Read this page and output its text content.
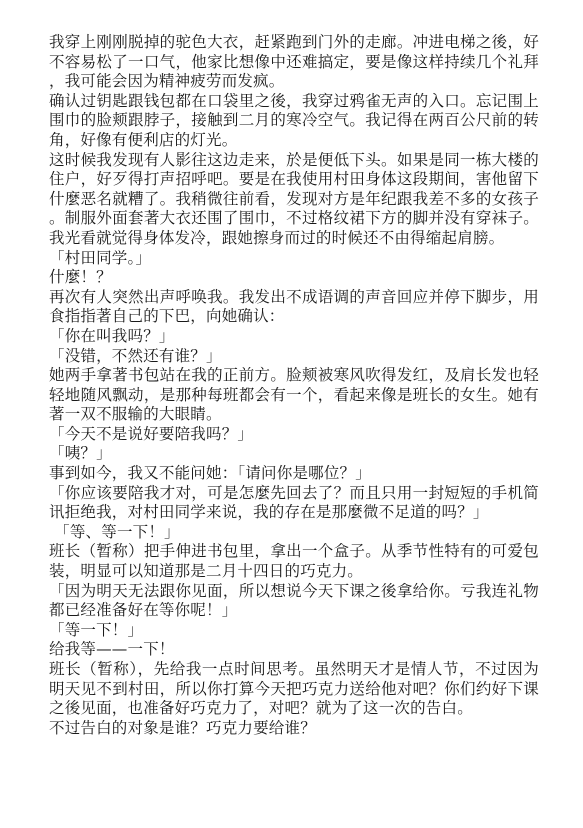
我穿上刚刚脱掉的驼色大衣，赶紧跑到门外的走廊。冲进电梯之後，好不容易松了一口气，他家比想像中还难搞定，要是像这样持续几个礼拜，我可能会因为精神疲劳而发疯。

确认过钥匙跟钱包都在口袋里之後，我穿过鸦雀无声的入口。忘记围上围巾的脸颊跟脖子，接触到二月的寒冷空气。我记得在两百公尺前的转角，好像有便利店的灯光。

这时候我发现有人影往这边走来，於是便低下头。如果是同一栋大楼的住户，好歹得打声招呼吧。要是在我使用村田身体这段期间，害他留下什麼恶名就糟了。我稍微往前看，发现对方是年纪跟我差不多的女孩子。制服外面套著大衣还围了围巾，不过格纹裙下方的脚并没有穿袜子。我光看就觉得身体发冷，跟她擦身而过的时候还不由得缩起肩膀。

「村田同学。」

什麼！？

再次有人突然出声呼唤我。我发出不成语调的声音回应并停下脚步，用食指指著自己的下巴，向她确认：

「你在叫我吗？」

「没错，不然还有谁？」

她两手拿著书包站在我的正前方。脸颊被寒风吹得发红，及肩长发也轻轻地随风飘动，是那种每班都会有一个，看起来像是班长的女生。她有著一双不服输的大眼睛。

「今天不是说好要陪我吗？」

「咦？」

事到如今，我又不能问她：「请问你是哪位？」

「你应该要陪我才对，可是怎麼先回去了？而且只用一封短短的手机简讯拒绝我，对村田同学来说，我的存在是那麼微不足道的吗？」

「等、等一下！」

班长（暂称）把手伸进书包里，拿出一个盒子。从季节性特有的可爱包装，明显可以知道那是二月十四日的巧克力。

「因为明天无法跟你见面，所以想说今天下课之後拿给你。亏我连礼物都已经准备好在等你呢！」

「等一下！」

给我等——一下！

班长（暂称），先给我一点时间思考。虽然明天才是情人节，不过因为明天见不到村田，所以你打算今天把巧克力送给他对吧？你们约好下课之後见面，也准备好巧克力了，对吧？就为了这一次的告白。

不过告白的对象是谁？巧克力要给谁？
